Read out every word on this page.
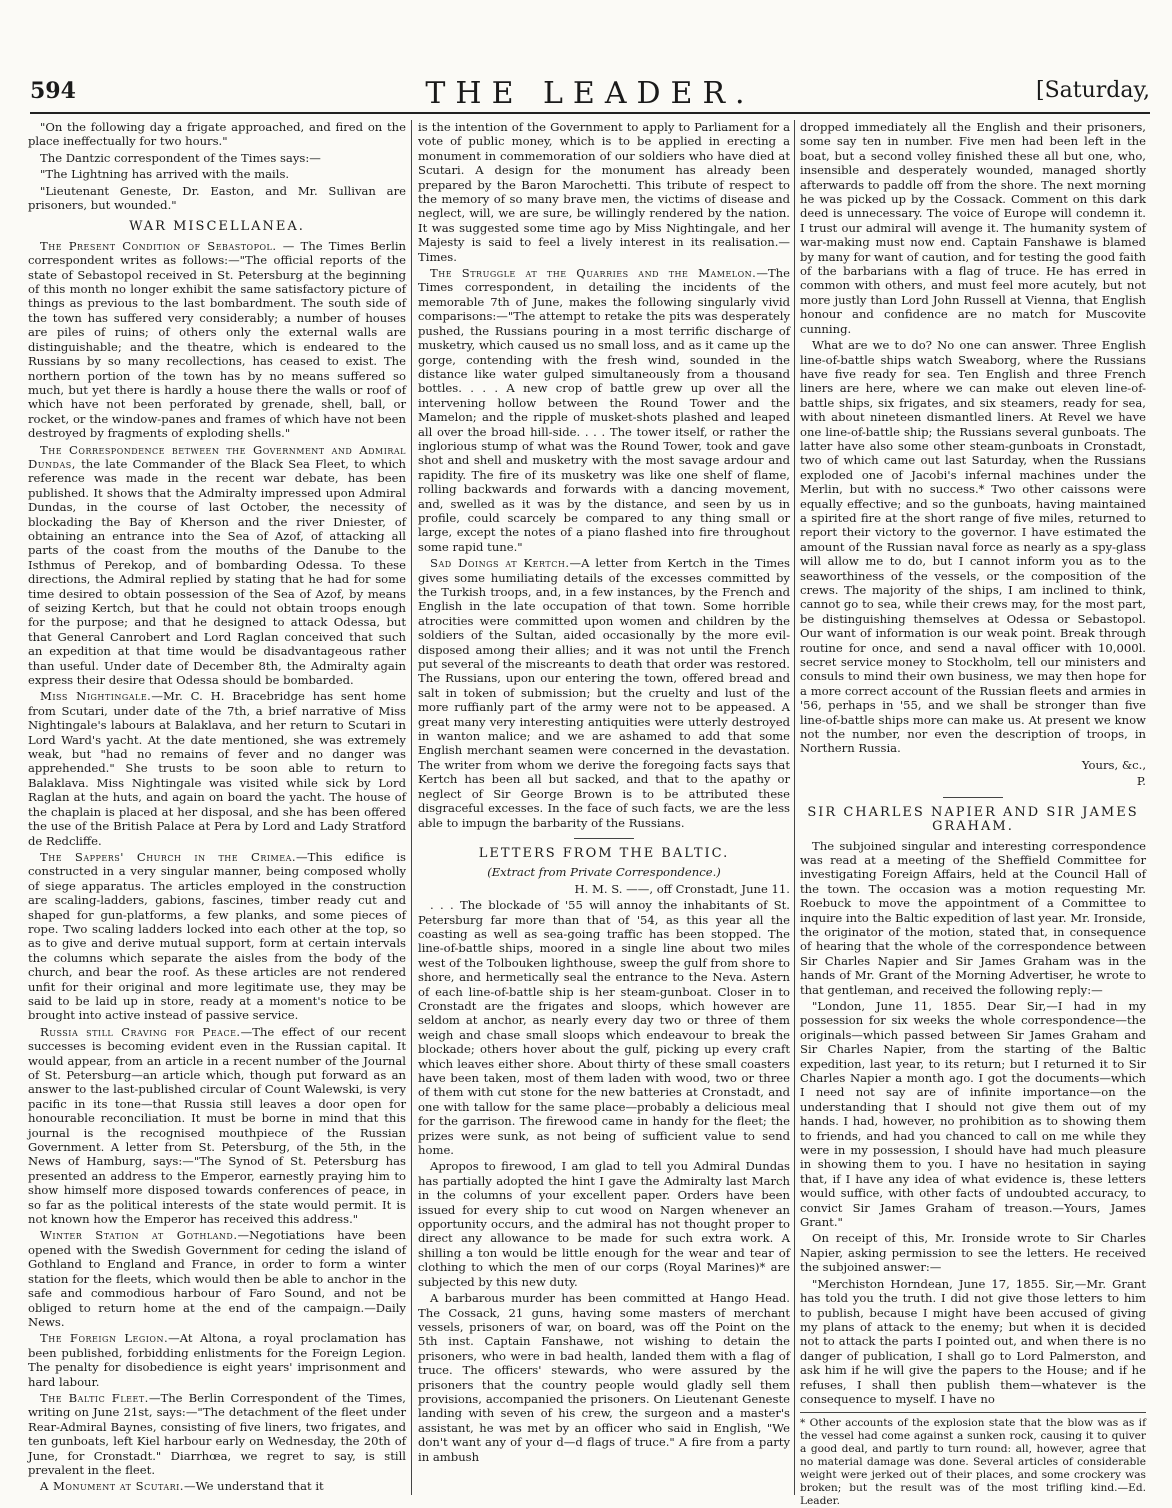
594	THE LEADER.	[Saturday,

"On the following day a frigate approached, and fired on the place ineffectually for two hours."

The Dantzic correspondent of the Times says:—

"The Lightning has arrived with the mails.

"Lieutenant Geneste, Dr. Easton, and Mr. Sullivan are prisoners, but wounded."

WAR MISCELLANEA.

The Present Condition of Sebastopol. — The Times Berlin correspondent writes as follows:—"The official reports of the state of Sebastopol received in St. Petersburg at the beginning of this month no longer exhibit the same satisfactory picture of things as previous to the last bombardment. The south side of the town has suffered very considerably; a number of houses are piles of ruins; of others only the external walls are distinguishable; and the theatre, which is endeared to the Russians by so many recollections, has ceased to exist. The northern portion of the town has by no means suffered so much, but yet there is hardly a house there the walls or roof of which have not been perforated by grenade, shell, ball, or rocket, or the window-panes and frames of which have not been destroyed by fragments of exploding shells."

The Correspondence between the Government and Admiral Dundas, the late Commander of the Black Sea Fleet, to which reference was made in the recent war debate, has been published. It shows that the Admiralty impressed upon Admiral Dundas, in the course of last October, the necessity of blockading the Bay of Kherson and the river Dniester, of obtaining an entrance into the Sea of Azof, of attacking all parts of the coast from the mouths of the Danube to the Isthmus of Perekop, and of bombarding Odessa. To these directions, the Admiral replied by stating that he had for some time desired to obtain possession of the Sea of Azof, by means of seizing Kertch, but that he could not obtain troops enough for the purpose; and that he designed to attack Odessa, but that General Canrobert and Lord Raglan conceived that such an expedition at that time would be disadvantageous rather than useful. Under date of December 8th, the Admiralty again express their desire that Odessa should be bombarded.

Miss Nightingale.—Mr. C. H. Bracebridge has sent home from Scutari, under date of the 7th, a brief narrative of Miss Nightingale's labours at Balaklava, and her return to Scutari in Lord Ward's yacht. At the date mentioned, she was extremely weak, but "had no remains of fever and no danger was apprehended." She trusts to be soon able to return to Balaklava. Miss Nightingale was visited while sick by Lord Raglan at the huts, and again on board the yacht. The house of the chaplain is placed at her disposal, and she has been offered the use of the British Palace at Pera by Lord and Lady Stratford de Redcliffe.

The Sappers' Church in the Crimea.—This edifice is constructed in a very singular manner, being composed wholly of siege apparatus. The articles employed in the construction are scaling-ladders, gabions, fascines, timber ready cut and shaped for gun-platforms, a few planks, and some pieces of rope. Two scaling ladders locked into each other at the top, so as to give and derive mutual support, form at certain intervals the columns which separate the aisles from the body of the church, and bear the roof. As these articles are not rendered unfit for their original and more legitimate use, they may be said to be laid up in store, ready at a moment's notice to be brought into active instead of passive service.

Russia still Craving for Peace.—The effect of our recent successes is becoming evident even in the Russian capital. It would appear, from an article in a recent number of the Journal of St. Petersburg—an article which, though put forward as an answer to the last-published circular of Count Walewski, is very pacific in its tone—that Russia still leaves a door open for honourable reconciliation. It must be borne in mind that this journal is the recognised mouthpiece of the Russian Government. A letter from St. Petersburg, of the 5th, in the News of Hamburg, says:—"The Synod of St. Petersburg has presented an address to the Emperor, earnestly praying him to show himself more disposed towards conferences of peace, in so far as the political interests of the state would permit. It is not known how the Emperor has received this address."

Winter Station at Gothland.—Negotiations have been opened with the Swedish Government for ceding the island of Gothland to England and France, in order to form a winter station for the fleets, which would then be able to anchor in the safe and commodious harbour of Faro Sound, and not be obliged to return home at the end of the campaign.—Daily News.

The Foreign Legion.—At Altona, a royal proclamation has been published, forbidding enlistments for the Foreign Legion. The penalty for disobedience is eight years' imprisonment and hard labour.

The Baltic Fleet.—The Berlin Correspondent of the Times, writing on June 21st, says:—"The detachment of the fleet under Rear-Admiral Baynes, consisting of five liners, two frigates, and ten gunboats, left Kiel harbour early on Wednesday, the 20th of June, for Cronstadt." Diarrhœa, we regret to say, is still prevalent in the fleet.

A Monument at Scutari.—We understand that it

is the intention of the Government to apply to Parliament for a vote of public money, which is to be applied in erecting a monument in commemoration of our soldiers who have died at Scutari. A design for the monument has already been prepared by the Baron Marochetti. This tribute of respect to the memory of so many brave men, the victims of disease and neglect, will, we are sure, be willingly rendered by the nation. It was suggested some time ago by Miss Nightingale, and her Majesty is said to feel a lively interest in its realisation.—Times.

The Struggle at the Quarries and the Mamelon.—The Times correspondent, in detailing the incidents of the memorable 7th of June, makes the following singularly vivid comparisons:—"The attempt to retake the pits was desperately pushed, the Russians pouring in a most terrific discharge of musketry, which caused us no small loss, and as it came up the gorge, contending with the fresh wind, sounded in the distance like water gulped simultaneously from a thousand bottles. . . . A new crop of battle grew up over all the intervening hollow between the Round Tower and the Mamelon; and the ripple of musket-shots plashed and leaped all over the broad hill-side. . . . The tower itself, or rather the inglorious stump of what was the Round Tower, took and gave shot and shell and musketry with the most savage ardour and rapidity. The fire of its musketry was like one shelf of flame, rolling backwards and forwards with a dancing movement, and, swelled as it was by the distance, and seen by us in profile, could scarcely be compared to any thing small or large, except the notes of a piano flashed into fire throughout some rapid tune."

Sad Doings at Kertch.—A letter from Kertch in the Times gives some humiliating details of the excesses committed by the Turkish troops, and, in a few instances, by the French and English in the late occupation of that town. Some horrible atrocities were committed upon women and children by the soldiers of the Sultan, aided occasionally by the more evil-disposed among their allies; and it was not until the French put several of the miscreants to death that order was restored. The Russians, upon our entering the town, offered bread and salt in token of submission; but the cruelty and lust of the more ruffianly part of the army were not to be appeased. A great many very interesting antiquities were utterly destroyed in wanton malice; and we are ashamed to add that some English merchant seamen were concerned in the devastation. The writer from whom we derive the foregoing facts says that Kertch has been all but sacked, and that to the apathy or neglect of Sir George Brown is to be attributed these disgraceful excesses. In the face of such facts, we are the less able to impugn the barbarity of the Russians.

LETTERS FROM THE BALTIC.
(Extract from Private Correspondence.)

H. M. S. ——, off Cronstadt, June 11.

. . . The blockade of '55 will annoy the inhabitants of St. Petersburg far more than that of '54, as this year all the coasting as well as sea-going traffic has been stopped. The line-of-battle ships, moored in a single line about two miles west of the Tolbouken lighthouse, sweep the gulf from shore to shore, and hermetically seal the entrance to the Neva. Astern of each line-of-battle ship is her steam-gunboat. Closer in to Cronstadt are the frigates and sloops, which however are seldom at anchor, as nearly every day two or three of them weigh and chase small sloops which endeavour to break the blockade; others hover about the gulf, picking up every craft which leaves either shore. About thirty of these small coasters have been taken, most of them laden with wood, two or three of them with cut stone for the new batteries at Cronstadt, and one with tallow for the same place—probably a delicious meal for the garrison. The firewood came in handy for the fleet; the prizes were sunk, as not being of sufficient value to send home.

Apropos to firewood, I am glad to tell you Admiral Dundas has partially adopted the hint I gave the Admiralty last March in the columns of your excellent paper. Orders have been issued for every ship to cut wood on Nargen whenever an opportunity occurs, and the admiral has not thought proper to direct any allowance to be made for such extra work. A shilling a ton would be little enough for the wear and tear of clothing to which the men of our corps (Royal Marines)* are subjected by this new duty.

A barbarous murder has been committed at Hango Head. The Cossack, 21 guns, having some masters of merchant vessels, prisoners of war, on board, was off the Point on the 5th inst. Captain Fanshawe, not wishing to detain the prisoners, who were in bad health, landed them with a flag of truce. The officers' stewards, who were assured by the prisoners that the country people would gladly sell them provisions, accompanied the prisoners. On Lieutenant Geneste landing with seven of his crew, the surgeon and a master's assistant, he was met by an officer who said in English, "We don't want any of your d—d flags of truce." A fire from a party in ambush

dropped immediately all the English and their prisoners, some say ten in number. Five men had been left in the boat, but a second volley finished these all but one, who, insensible and desperately wounded, managed shortly afterwards to paddle off from the shore. The next morning he was picked up by the Cossack. Comment on this dark deed is unnecessary. The voice of Europe will condemn it. I trust our admiral will avenge it. The humanity system of war-making must now end. Captain Fanshawe is blamed by many for want of caution, and for testing the good faith of the barbarians with a flag of truce. He has erred in common with others, and must feel more acutely, but not more justly than Lord John Russell at Vienna, that English honour and confidence are no match for Muscovite cunning.

What are we to do? No one can answer. Three English line-of-battle ships watch Sweaborg, where the Russians have five ready for sea. Ten English and three French liners are here, where we can make out eleven line-of-battle ships, six frigates, and six steamers, ready for sea, with about nineteen dismantled liners. At Revel we have one line-of-battle ship; the Russians several gunboats. The latter have also some other steam-gunboats in Cronstadt, two of which came out last Saturday, when the Russians exploded one of Jacobi's infernal machines under the Merlin, but with no success.* Two other caissons were equally effective; and so the gunboats, having maintained a spirited fire at the short range of five miles, returned to report their victory to the governor. I have estimated the amount of the Russian naval force as nearly as a spy-glass will allow me to do, but I cannot inform you as to the seaworthiness of the vessels, or the composition of the crews. The majority of the ships, I am inclined to think, cannot go to sea, while their crews may, for the most part, be distinguishing themselves at Odessa or Sebastopol. Our want of information is our weak point. Break through routine for once, and send a naval officer with 10,000l. secret service money to Stockholm, tell our ministers and consuls to mind their own business, we may then hope for a more correct account of the Russian fleets and armies in '56, perhaps in '55, and we shall be stronger than five line-of-battle ships more can make us. At present we know not the number, nor even the description of troops, in Northern Russia.

Yours, &c.,

P.

SIR CHARLES NAPIER AND SIR JAMES GRAHAM.

The subjoined singular and interesting correspondence was read at a meeting of the Sheffield Committee for investigating Foreign Affairs, held at the Council Hall of the town. The occasion was a motion requesting Mr. Roebuck to move the appointment of a Committee to inquire into the Baltic expedition of last year. Mr. Ironside, the originator of the motion, stated that, in consequence of hearing that the whole of the correspondence between Sir Charles Napier and Sir James Graham was in the hands of Mr. Grant of the Morning Advertiser, he wrote to that gentleman, and received the following reply:—

"London, June 11, 1855. Dear Sir,—I had in my possession for six weeks the whole correspondence—the originals—which passed between Sir James Graham and Sir Charles Napier, from the starting of the Baltic expedition, last year, to its return; but I returned it to Sir Charles Napier a month ago. I got the documents—which I need not say are of infinite importance—on the understanding that I should not give them out of my hands. I had, however, no prohibition as to showing them to friends, and had you chanced to call on me while they were in my possession, I should have had much pleasure in showing them to you. I have no hesitation in saying that, if I have any idea of what evidence is, these letters would suffice, with other facts of undoubted accuracy, to convict Sir James Graham of treason.—Yours, James Grant."

On receipt of this, Mr. Ironside wrote to Sir Charles Napier, asking permission to see the letters. He received the subjoined answer:—

"Merchiston Horndean, June 17, 1855. Sir,—Mr. Grant has told you the truth. I did not give those letters to him to publish, because I might have been accused of giving my plans of attack to the enemy; but when it is decided not to attack the parts I pointed out, and when there is no danger of publication, I shall go to Lord Palmerston, and ask him if he will give the papers to the House; and if he refuses, I shall then publish them—whatever is the consequence to myself. I have no

* Other accounts of the explosion state that the blow was as if the vessel had come against a sunken rock, causing it to quiver a good deal, and partly to turn round: all, however, agree that no material damage was done. Several articles of considerable weight were jerked out of their places, and some crockery was broken; but the result was of the most trifling kind.—Ed. Leader.
